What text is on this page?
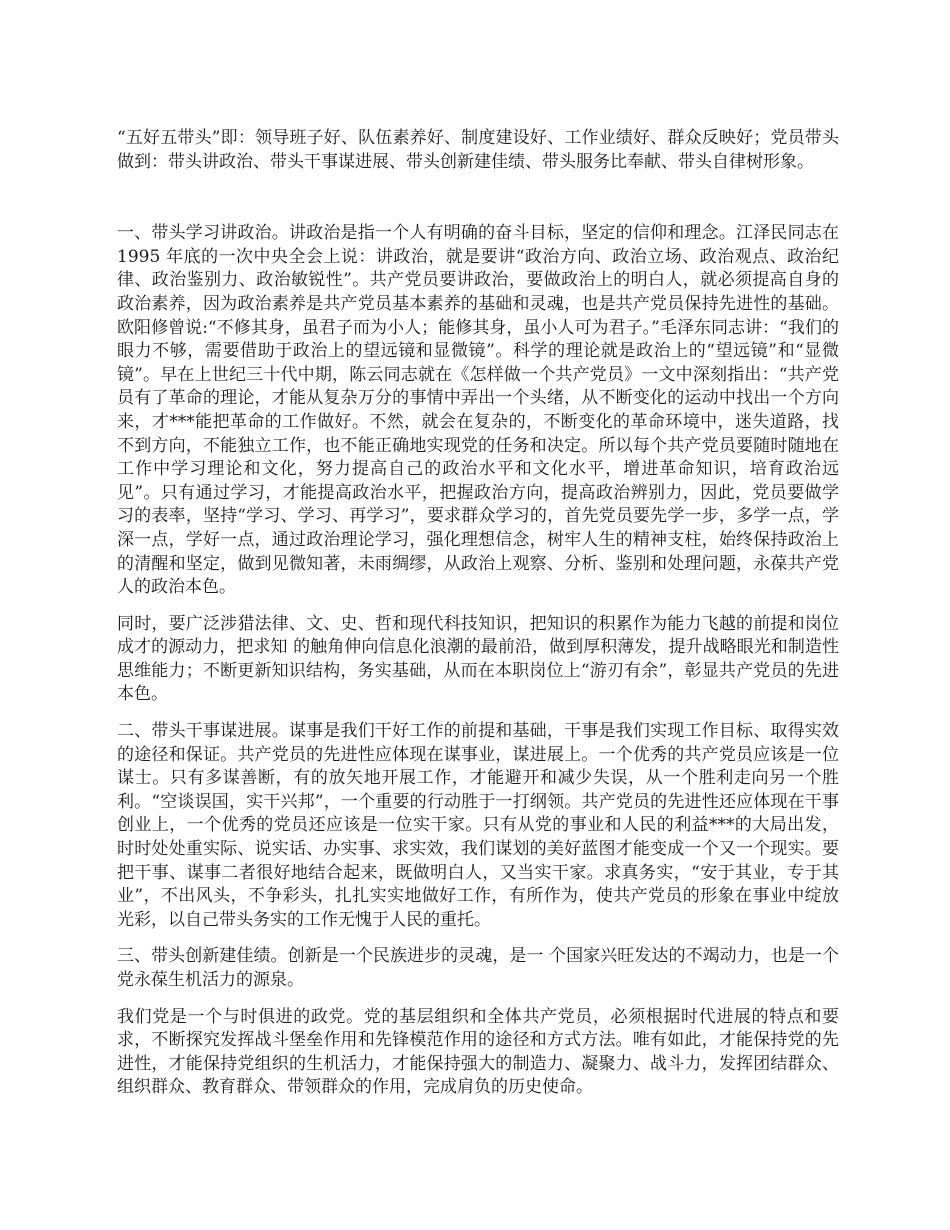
“五好五带头”即：领导班子好、队伍素养好、制度建设好、工作业绩好、群众反映好；党员带头做到：带头讲政治、带头干事谋进展、带头创新建佳绩、带头服务比奉献、带头自律树形象。

一、带头学习讲政治。讲政治是指一个人有明确的奋斗目标，坚定的信仰和理念。江泽民同志在 1995 年底的一次中央全会上说：讲政治，就是要讲“政治方向、政治立场、政治观点、政治纪律、政治鉴别力、政治敏锐性”。共产党员要讲政治，要做政治上的明白人，就必须提高自身的政治素养，因为政治素养是共产党员基本素养的基础和灵魂，也是共产党员保持先进性的基础。欧阳修曾说:“不修其身，虽君子而为小人；能修其身，虽小人可为君子。”毛泽东同志讲：“我们的眼力不够，需要借助于政治上的望远镜和显微镜”。科学的理论就是政治上的“望远镜”和“显微镜”。早在上世纪三十代中期，陈云同志就在《怎样做一个共产党员》一文中深刻指出：“共产党员有了革命的理论，才能从复杂万分的事情中弄出一个头绪，从不断变化的运动中找出一个方向来，才***能把革命的工作做好。不然，就会在复杂的，不断变化的革命环境中，迷失道路，找不到方向，不能独立工作，也不能正确地实现党的任务和决定。所以每个共产党员要随时随地在工作中学习理论和文化，努力提高自己的政治水平和文化水平，增进革命知识，培育政治远见”。只有通过学习，才能提高政治水平，把握政治方向，提高政治辨别力，因此，党员要做学习的表率，坚持“学习、学习、再学习”，要求群众学习的，首先党员要先学一步，多学一点，学深一点，学好一点，通过政治理论学习，强化理想信念，树牢人生的精神支柱，始终保持政治上的清醒和坚定，做到见微知著，未雨绸缪，从政治上观察、分析、鉴别和处理问题，永葆共产党人的政治本色。

同时，要广泛涉猎法律、文、史、哲和现代科技知识，把知识的积累作为能力飞越的前提和岗位成才的源动力，把求知 的触角伸向信息化浪潮的最前沿，做到厚积薄发，提升战略眼光和制造性思维能力；不断更新知识结构，务实基础，从而在本职岗位上“游刃有余”，彰显共产党员的先进本色。

二、带头干事谋进展。谋事是我们干好工作的前提和基础，干事是我们实现工作目标、取得实效的途径和保证。共产党员的先进性应体现在谋事业，谋进展上。一个优秀的共产党员应该是一位谋士。只有多谋善断，有的放矢地开展工作，才能避开和减少失误，从一个胜利走向另一个胜利。“空谈误国，实干兴邦”，一个重要的行动胜于一打纲领。共产党员的先进性还应体现在干事创业上，一个优秀的党员还应该是一位实干家。只有从党的事业和人民的利益***的大局出发，时时处处重实际、说实话、办实事、求实效，我们谋划的美好蓝图才能变成一个又一个现实。要把干事、谋事二者很好地结合起来，既做明白人，又当实干家。求真务实，“安于其业，专于其业”，不出风头，不争彩头，扎扎实实地做好工作，有所作为，使共产党员的形象在事业中绽放光彩，以自己带头务实的工作无愧于人民的重托。

三、带头创新建佳绩。创新是一个民族进步的灵魂，是一 个国家兴旺发达的不竭动力，也是一个党永葆生机活力的源泉。

我们党是一个与时俱进的政党。党的基层组织和全体共产党员，必须根据时代进展的特点和要求，不断探究发挥战斗堡垒作用和先锋模范作用的途径和方式方法。唯有如此，才能保持党的先进性，才能保持党组织的生机活力，才能保持强大的制造力、凝聚力、战斗力，发挥团结群众、组织群众、教育群众、带领群众的作用，完成肩负的历史使命。
